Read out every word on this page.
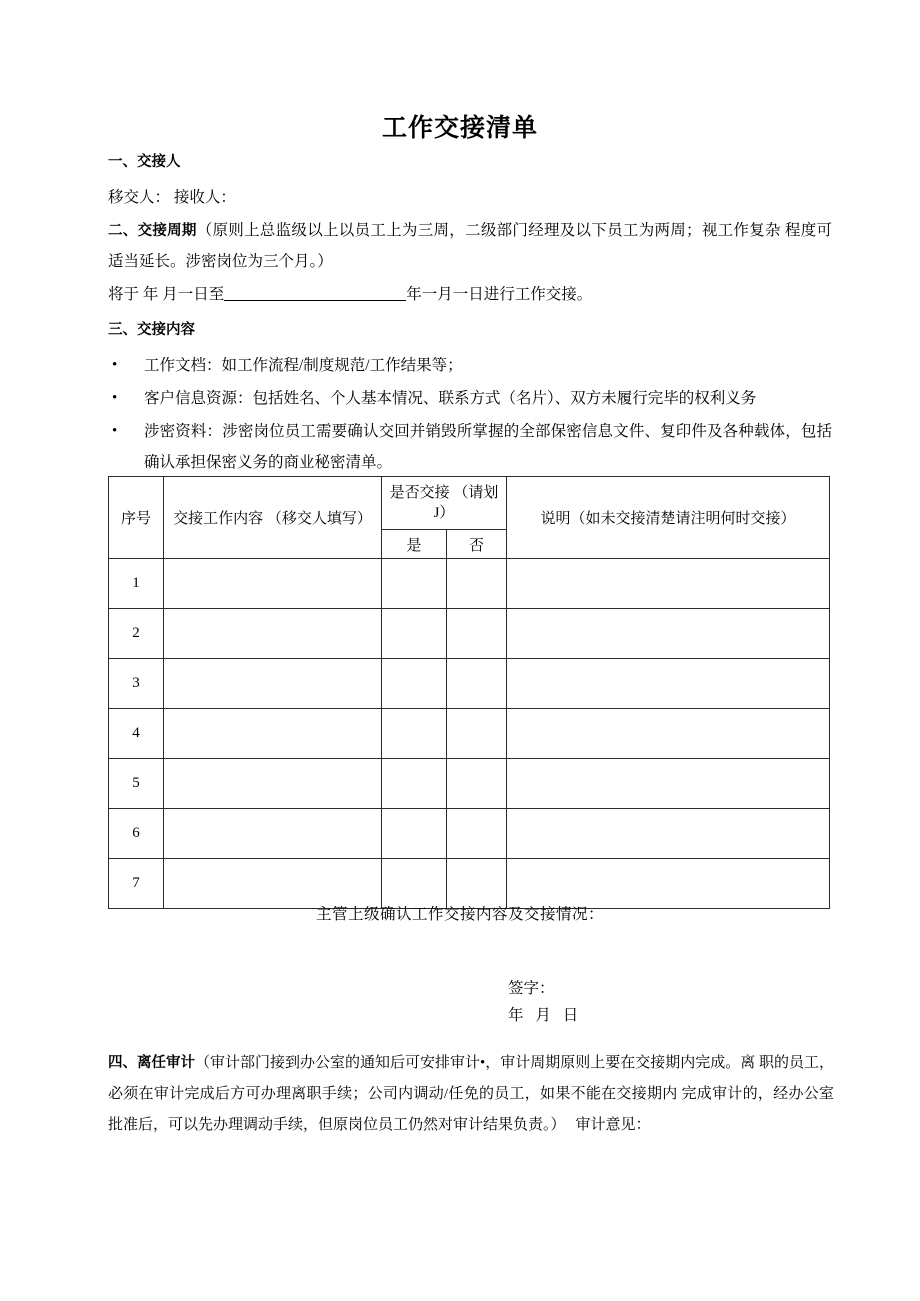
工作交接清单
一、交接人
移交人： 接收人：
二、交接周期（原则上总监级以上以员工上为三周，二级部门经理及以下员工为两周；视工作复杂 程度可适当延长。涉密岗位为三个月。）
将于 年 月一日至	年一月一日进行工作交接。
三、交接内容
• 工作文档：如工作流程/制度规范/工作结果等；
• 客户信息资源：包括姓名、个人基本情况、联系方式（名片）、双方未履行完毕的权利义务
• 涉密资料：涉密岗位员工需要确认交回并销毁所掌握的全部保密信息文件、复印件及各种载体，包括确认承担保密义务的商业秘密清单。
序号	交接工作内容 （移交人填写）	是否交接 （请划 J）		说明（如未交接清楚请注明何时交接）
		是	否	
1				
2				
3				
4				
5				
6				
7				
主管上级确认工作交接内容及交接情况：
签字：
年 月 日
四、离任审计（审计部门接到办公室的通知后可安排审计•，审计周期原则上要在交接期内完成。离 职的员工，必须在审计完成后方可办理离职手续；公司内调动/任免的员工，如果不能在交接期内 完成审计的，经办公室批准后，可以先办理调动手续，但原岗位员工仍然对审计结果负责。） 审计意见：
